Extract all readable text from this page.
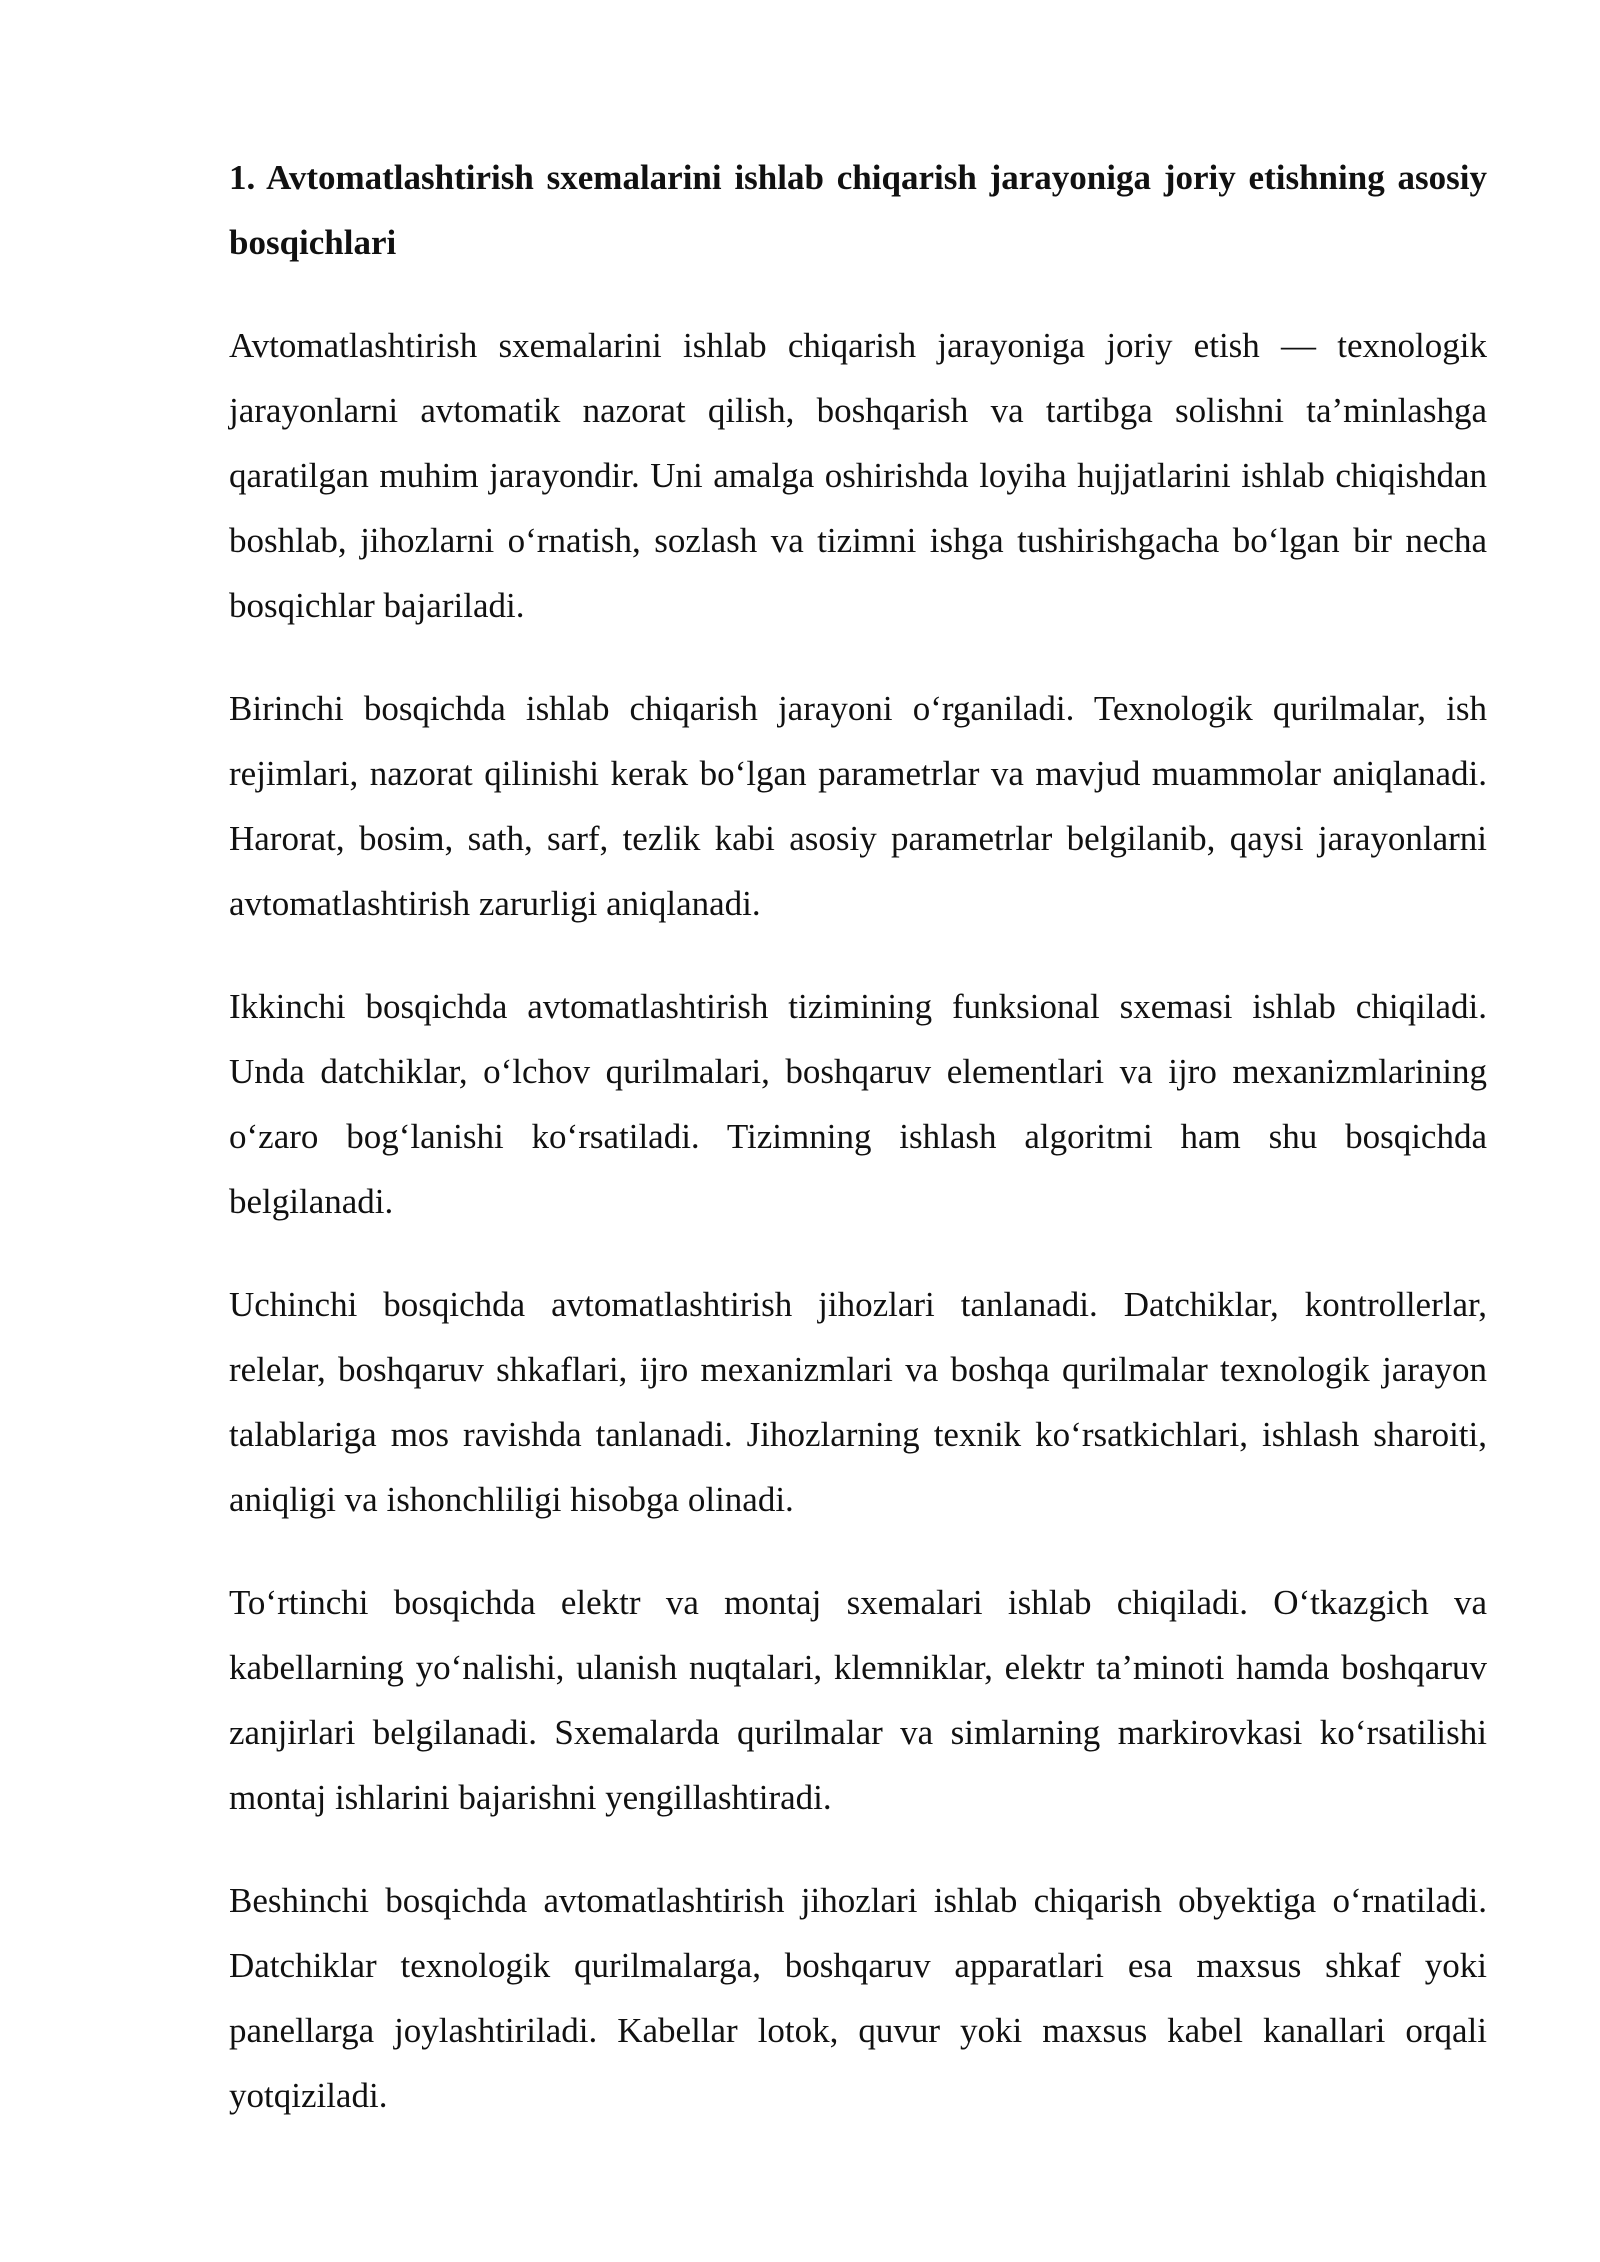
1. Avtomatlashtirish sxemalarini ishlab chiqarish jarayoniga joriy etishning asosiy bosqichlari

Avtomatlashtirish sxemalarini ishlab chiqarish jarayoniga joriy etish — texnologik jarayonlarni avtomatik nazorat qilish, boshqarish va tartibga solishni ta’minlashga qaratilgan muhim jarayondir. Uni amalga oshirishda loyiha hujjatlarini ishlab chiqishdan boshlab, jihozlarni o‘rnatish, sozlash va tizimni ishga tushirishgacha bo‘lgan bir necha bosqichlar bajariladi.

Birinchi bosqichda ishlab chiqarish jarayoni o‘rganiladi. Texnologik qurilmalar, ish rejimlari, nazorat qilinishi kerak bo‘lgan parametrlar va mavjud muammolar aniqlanadi. Harorat, bosim, sath, sarf, tezlik kabi asosiy parametrlar belgilanib, qaysi jarayonlarni avtomatlashtirish zarurligi aniqlanadi.

Ikkinchi bosqichda avtomatlashtirish tizimining funksional sxemasi ishlab chiqiladi. Unda datchiklar, o‘lchov qurilmalari, boshqaruv elementlari va ijro mexanizmlarining o‘zaro bog‘lanishi ko‘rsatiladi. Tizimning ishlash algoritmi ham shu bosqichda belgilanadi.

Uchinchi bosqichda avtomatlashtirish jihozlari tanlanadi. Datchiklar, kontrollerlar, relelar, boshqaruv shkaflari, ijro mexanizmlari va boshqa qurilmalar texnologik jarayon talablariga mos ravishda tanlanadi. Jihozlarning texnik ko‘rsatkichlari, ishlash sharoiti, aniqligi va ishonchliligi hisobga olinadi.

To‘rtinchi bosqichda elektr va montaj sxemalari ishlab chiqiladi. O‘tkazgich va kabellarning yo‘nalishi, ulanish nuqtalari, klemniklar, elektr ta’minoti hamda boshqaruv zanjirlari belgilanadi. Sxemalarda qurilmalar va simlarning markirovkasi ko‘rsatilishi montaj ishlarini bajarishni yengillashtiradi.

Beshinchi bosqichda avtomatlashtirish jihozlari ishlab chiqarish obyektiga o‘rnatiladi. Datchiklar texnologik qurilmalarga, boshqaruv apparatlari esa maxsus shkaf yoki panellarga joylashtiriladi. Kabellar lotok, quvur yoki maxsus kabel kanallari orqali yotqiziladi.
